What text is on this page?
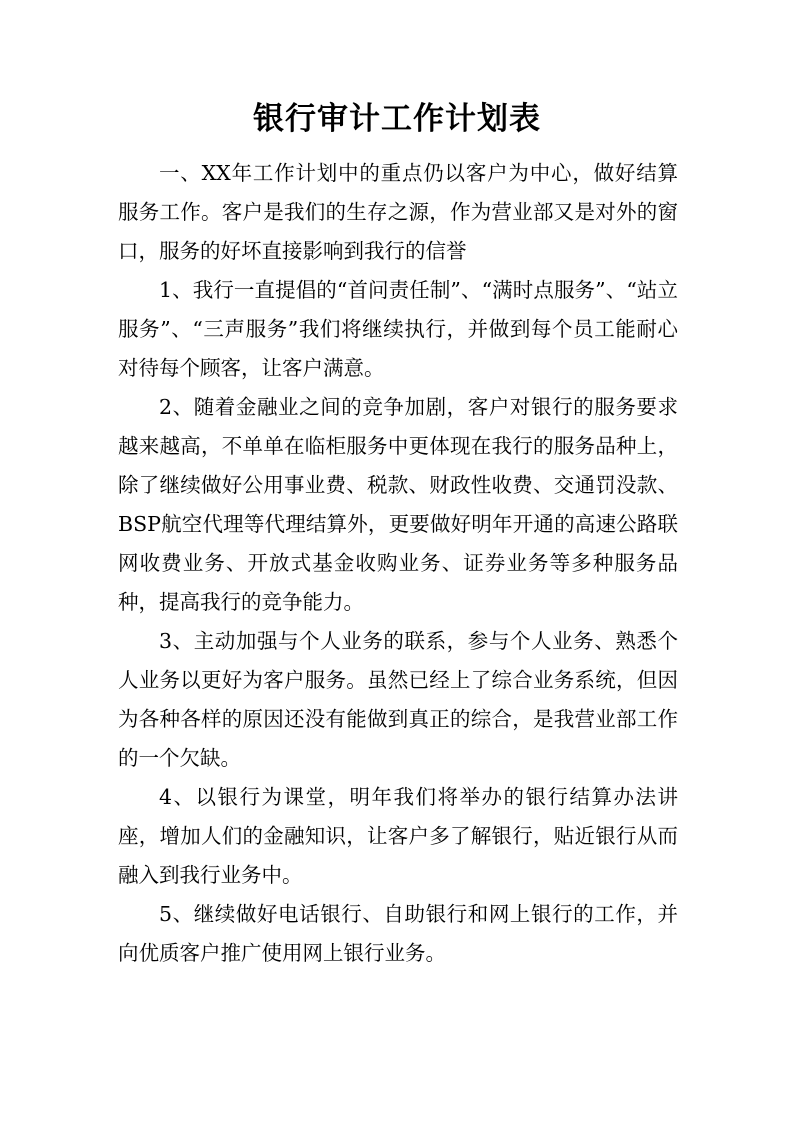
银行审计工作计划表

一、XX年工作计划中的重点仍以客户为中心，做好结算服务工作。客户是我们的生存之源，作为营业部又是对外的窗口，服务的好坏直接影响到我行的信誉

1、我行一直提倡的“首问责任制”、“满时点服务”、“站立服务”、“三声服务”我们将继续执行，并做到每个员工能耐心对待每个顾客，让客户满意。

2、随着金融业之间的竞争加剧，客户对银行的服务要求越来越高，不单单在临柜服务中更体现在我行的服务品种上，除了继续做好公用事业费、税款、财政性收费、交通罚没款、BSP航空代理等代理结算外，更要做好明年开通的高速公路联网收费业务、开放式基金收购业务、证券业务等多种服务品种，提高我行的竞争能力。

3、主动加强与个人业务的联系，参与个人业务、熟悉个人业务以更好为客户服务。虽然已经上了综合业务系统，但因为各种各样的原因还没有能做到真正的综合，是我营业部工作的一个欠缺。

4、以银行为课堂，明年我们将举办的银行结算办法讲座，增加人们的金融知识，让客户多了解银行，贴近银行从而融入到我行业务中。

5、继续做好电话银行、自助银行和网上银行的工作，并向优质客户推广使用网上银行业务。
